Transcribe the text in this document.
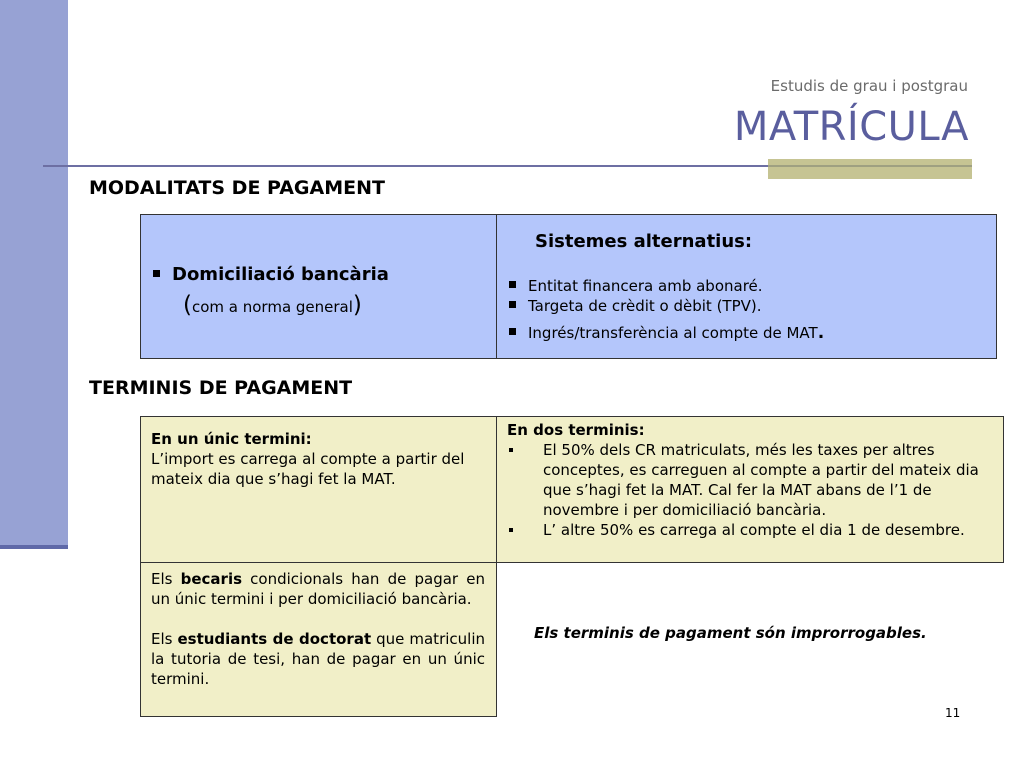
Estudis de grau i postgrau
MATRÍCULA
MODALITATS DE PAGAMENT
Domiciliació bancària
(com a norma general)
Sistemes alternatius:
Entitat financera amb abonaré.
Targeta de crèdit o dèbit (TPV).
Ingrés/transferència al compte de MAT.
TERMINIS DE PAGAMENT
En un únic termini:
L’import es carrega al compte a partir del mateix dia que s’hagi fet la MAT.
En dos terminis:
El 50% dels CR matriculats, més les taxes per altres conceptes, es carreguen al compte a partir del mateix dia que s’hagi fet la MAT. Cal fer la MAT abans de l’1 de novembre i per domiciliació bancària.
L’ altre 50% es carrega al compte el dia 1 de desembre.
Els becaris condicionals han de pagar en un únic termini i per domiciliació bancària.
Els estudiants de doctorat que matriculin la tutoria de tesi, han de pagar en un únic termini.
Els terminis de pagament són improrrogables.
11
